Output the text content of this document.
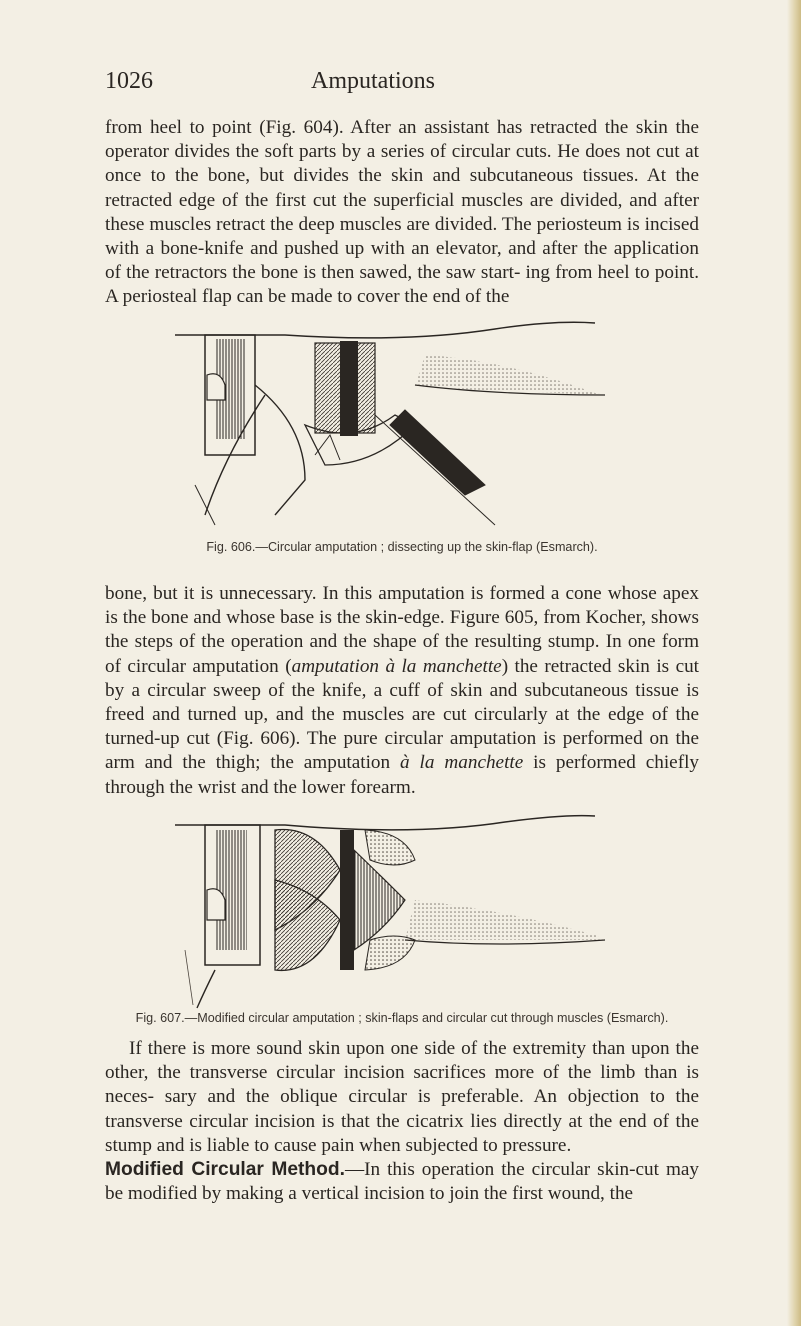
1026	Amputations

from heel to point (Fig. 604). After an assistant has retracted the skin the operator divides the soft parts by a series of circular cuts. He does not cut at once to the bone, but divides the skin and subcutaneous tissues. At the retracted edge of the first cut the superficial muscles are divided, and after these muscles retract the deep muscles are divided. The periosteum is incised with a bone-knife and pushed up with an elevator, and after the application of the retractors the bone is then sawed, the saw start- ing from heel to point. A periosteal flap can be made to cover the end of the

Fig. 606.—Circular amputation ; dissecting up the skin-flap (Esmarch).

bone, but it is unnecessary. In this amputation is formed a cone whose apex is the bone and whose base is the skin-edge. Figure 605, from Kocher, shows the steps of the operation and the shape of the resulting stump. In one form of circular amputation (amputation à la manchette) the retracted skin is cut by a circular sweep of the knife, a cuff of skin and subcutaneous tissue is freed and turned up, and the muscles are cut circularly at the edge of the turned-up cut (Fig. 606). The pure circular amputation is performed on the arm and the thigh; the amputation à la manchette is performed chiefly through the wrist and the lower forearm.

Fig. 607.—Modified circular amputation ; skin-flaps and circular cut through muscles (Esmarch).

If there is more sound skin upon one side of the extremity than upon the other, the transverse circular incision sacrifices more of the limb than is neces- sary and the oblique circular is preferable. An objection to the transverse circular incision is that the cicatrix lies directly at the end of the stump and is liable to cause pain when subjected to pressure.
Modified Circular Method.—In this operation the circular skin-cut may be modified by making a vertical incision to join the first wound, the
